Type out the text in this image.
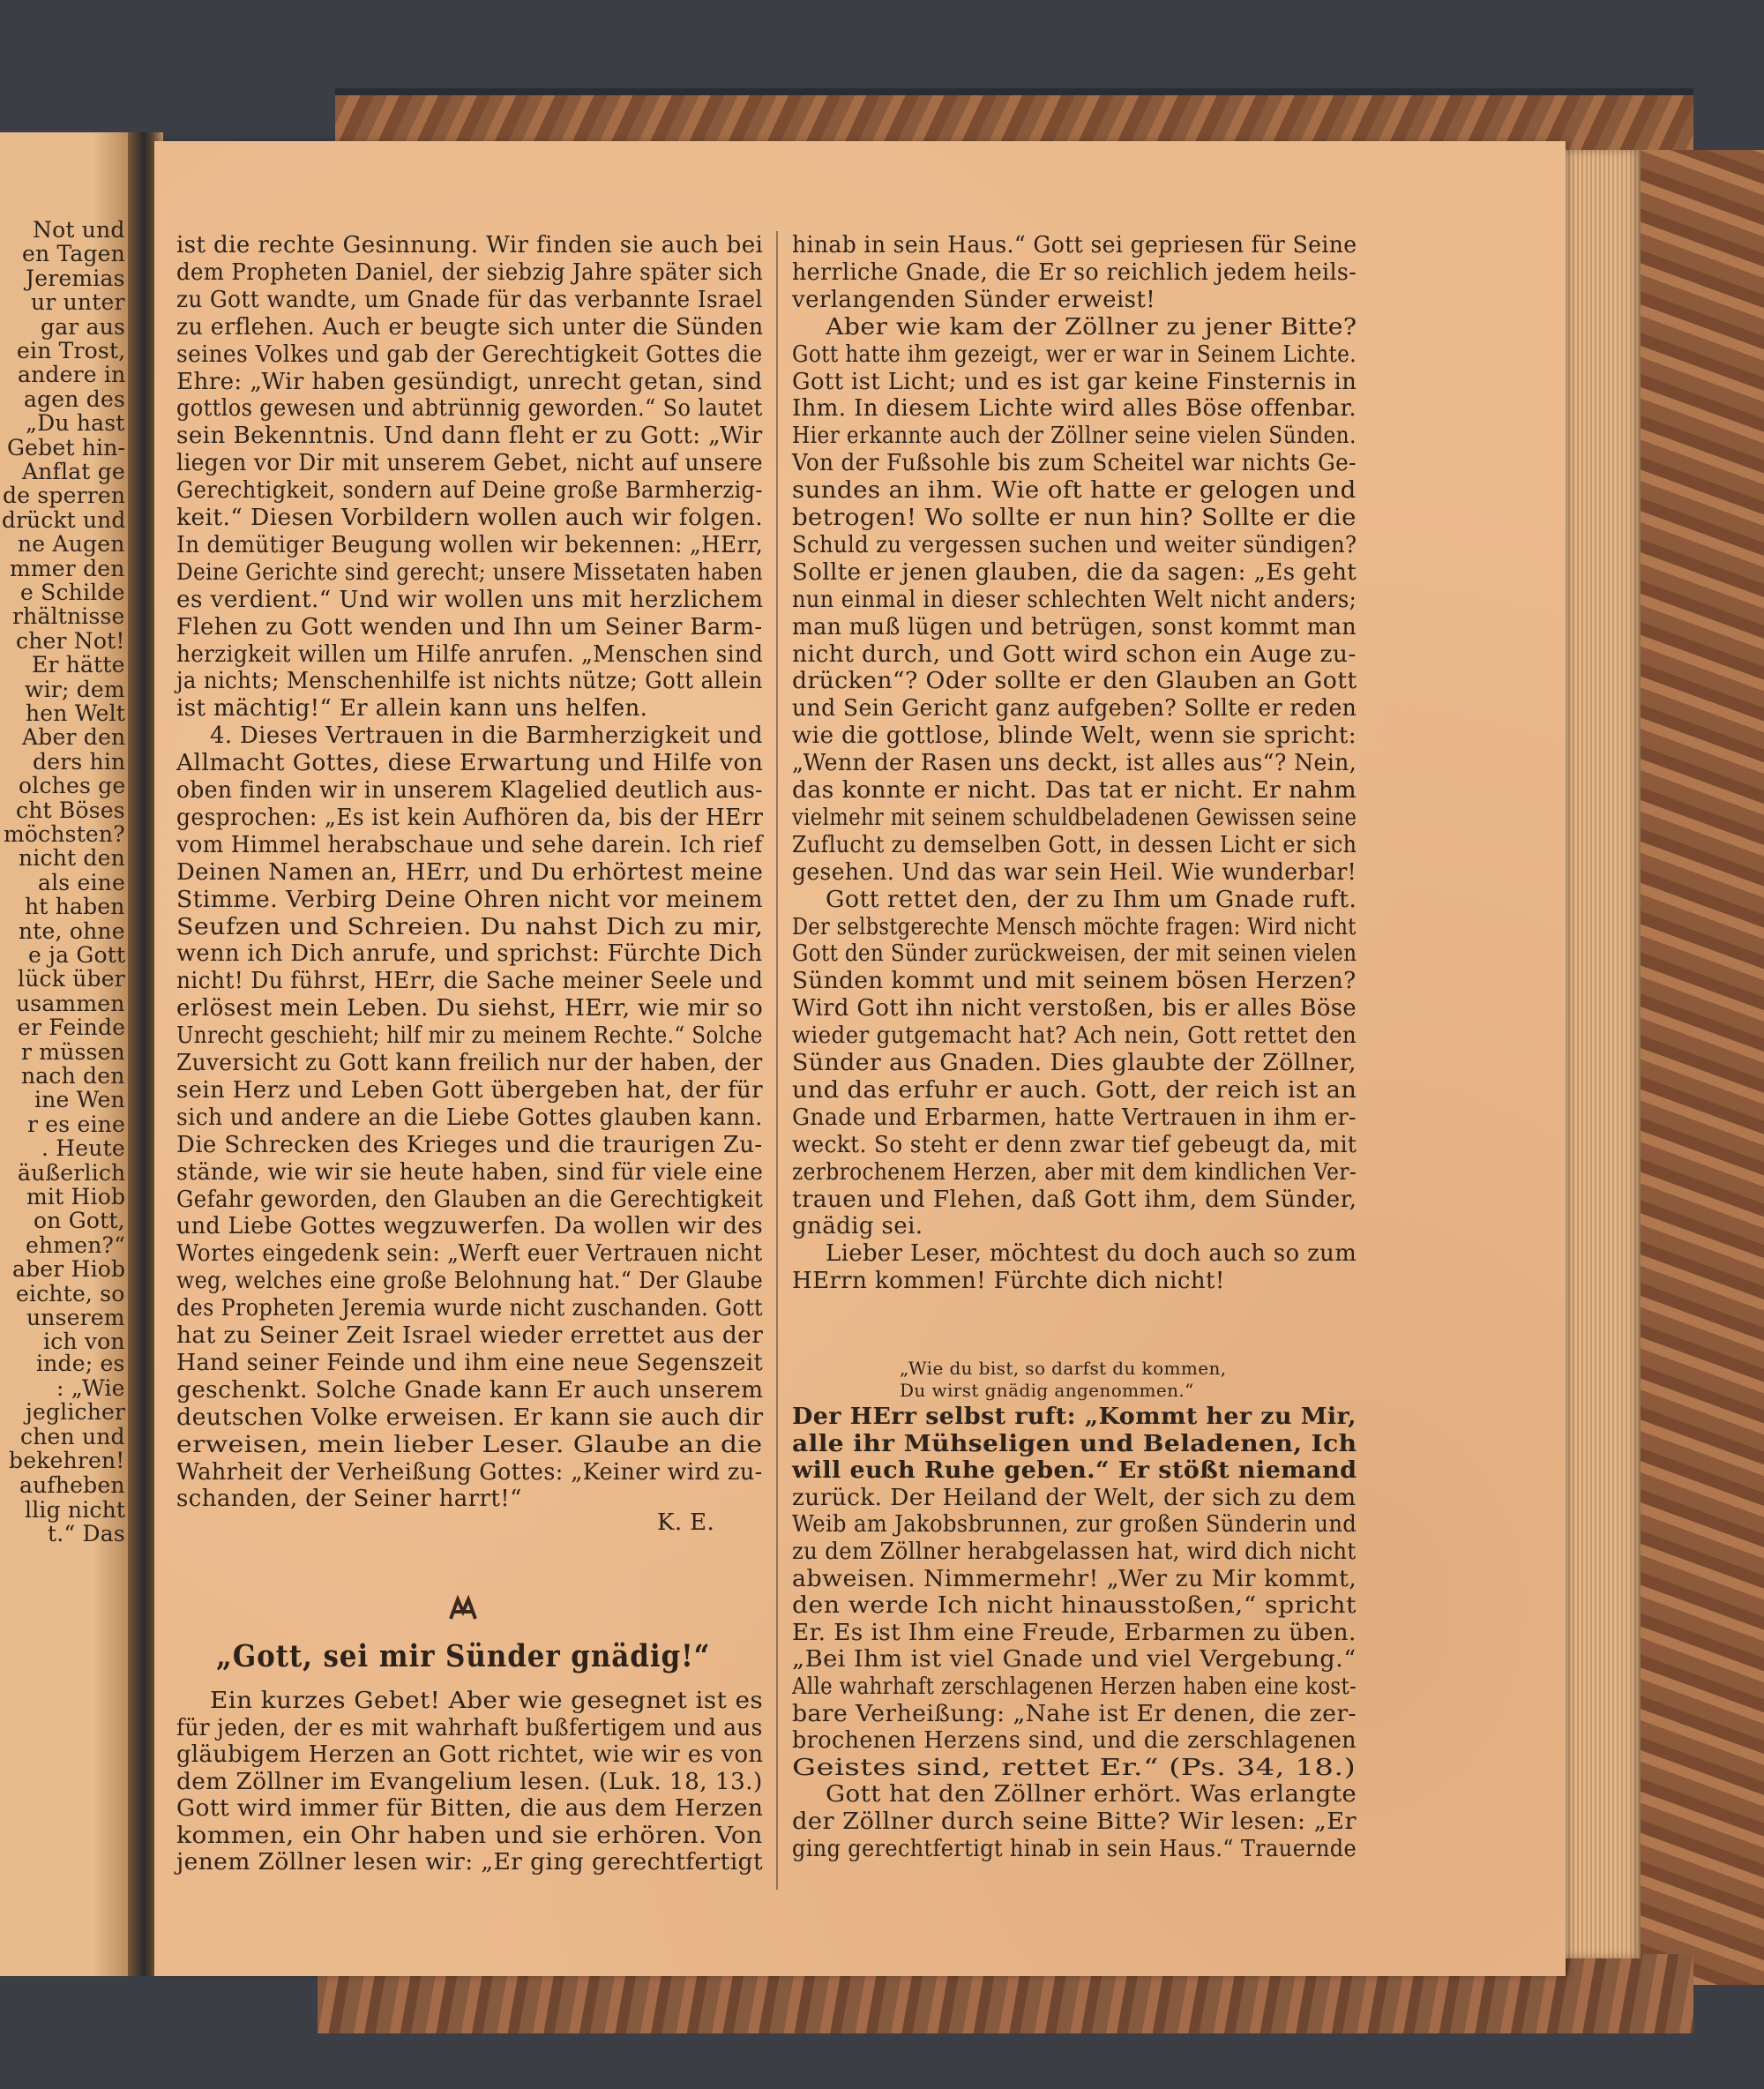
Not und
en Tagen
Jeremias
ur unter
gar aus
ein Trost,
andere in
agen des
„Du hast
Gebet hin-
Anflat ge
de sperren
drückt und
ne Augen
mmer den
e Schilde
rhältnisse
cher Not!
Er hätte
wir; dem
hen Welt
Aber den
ders hin
olches ge
cht Böses
möchsten?
nicht den
als eine
ht haben
nte, ohne
e ja Gott
lück über
usammen
er Feinde
r müssen
nach den
ine Wen
r es eine
. Heute
äußerlich
mit Hiob
on Gott,
ehmen?“
aber Hiob
eichte, so
unserem
ich von
inde; es
: „Wie
jeglicher
chen und
bekehren!
aufheben
llig nicht
t.“ Das
ist die rechte Gesinnung. Wir finden sie auch bei
dem Propheten Daniel, der siebzig Jahre später sich
zu Gott wandte, um Gnade für das verbannte Israel
zu erflehen. Auch er beugte sich unter die Sünden
seines Volkes und gab der Gerechtigkeit Gottes die
Ehre: „Wir haben gesündigt, unrecht getan, sind
gottlos gewesen und abtrünnig geworden.“ So lautet
sein Bekenntnis. Und dann fleht er zu Gott: „Wir
liegen vor Dir mit unserem Gebet, nicht auf unsere
Gerechtigkeit, sondern auf Deine große Barmherzig-
keit.“ Diesen Vorbildern wollen auch wir folgen.
In demütiger Beugung wollen wir bekennen: „HErr,
Deine Gerichte sind gerecht; unsere Missetaten haben
es verdient.“ Und wir wollen uns mit herzlichem
Flehen zu Gott wenden und Ihn um Seiner Barm-
herzigkeit willen um Hilfe anrufen. „Menschen sind
ja nichts; Menschenhilfe ist nichts nütze; Gott allein
ist mächtig!“ Er allein kann uns helfen.
4. Dieses Vertrauen in die Barmherzigkeit und
Allmacht Gottes, diese Erwartung und Hilfe von
oben finden wir in unserem Klagelied deutlich aus-
gesprochen: „Es ist kein Aufhören da, bis der HErr
vom Himmel herabschaue und sehe darein. Ich rief
Deinen Namen an, HErr, und Du erhörtest meine
Stimme. Verbirg Deine Ohren nicht vor meinem
Seufzen und Schreien. Du nahst Dich zu mir,
wenn ich Dich anrufe, und sprichst: Fürchte Dich
nicht! Du führst, HErr, die Sache meiner Seele und
erlösest mein Leben. Du siehst, HErr, wie mir so
Unrecht geschieht; hilf mir zu meinem Rechte.“ Solche
Zuversicht zu Gott kann freilich nur der haben, der
sein Herz und Leben Gott übergeben hat, der für
sich und andere an die Liebe Gottes glauben kann.
Die Schrecken des Krieges und die traurigen Zu-
stände, wie wir sie heute haben, sind für viele eine
Gefahr geworden, den Glauben an die Gerechtigkeit
und Liebe Gottes wegzuwerfen. Da wollen wir des
Wortes eingedenk sein: „Werft euer Vertrauen nicht
weg, welches eine große Belohnung hat.“ Der Glaube
des Propheten Jeremia wurde nicht zuschanden. Gott
hat zu Seiner Zeit Israel wieder errettet aus der
Hand seiner Feinde und ihm eine neue Segenszeit
geschenkt. Solche Gnade kann Er auch unserem
deutschen Volke erweisen. Er kann sie auch dir
erweisen, mein lieber Leser. Glaube an die
Wahrheit der Verheißung Gottes: „Keiner wird zu-
schanden, der Seiner harrt!“
K. E.
„Gott, sei mir Sünder gnädig!“
Ein kurzes Gebet! Aber wie gesegnet ist es
für jeden, der es mit wahrhaft bußfertigem und aus
gläubigem Herzen an Gott richtet, wie wir es von
dem Zöllner im Evangelium lesen. (Luk. 18, 13.)
Gott wird immer für Bitten, die aus dem Herzen
kommen, ein Ohr haben und sie erhören. Von
jenem Zöllner lesen wir: „Er ging gerechtfertigt
hinab in sein Haus.“ Gott sei gepriesen für Seine
herrliche Gnade, die Er so reichlich jedem heils-
verlangenden Sünder erweist!
Aber wie kam der Zöllner zu jener Bitte?
Gott hatte ihm gezeigt, wer er war in Seinem Lichte.
Gott ist Licht; und es ist gar keine Finsternis in
Ihm. In diesem Lichte wird alles Böse offenbar.
Hier erkannte auch der Zöllner seine vielen Sünden.
Von der Fußsohle bis zum Scheitel war nichts Ge-
sundes an ihm. Wie oft hatte er gelogen und
betrogen! Wo sollte er nun hin? Sollte er die
Schuld zu vergessen suchen und weiter sündigen?
Sollte er jenen glauben, die da sagen: „Es geht
nun einmal in dieser schlechten Welt nicht anders;
man muß lügen und betrügen, sonst kommt man
nicht durch, und Gott wird schon ein Auge zu-
drücken“? Oder sollte er den Glauben an Gott
und Sein Gericht ganz aufgeben? Sollte er reden
wie die gottlose, blinde Welt, wenn sie spricht:
„Wenn der Rasen uns deckt, ist alles aus“? Nein,
das konnte er nicht. Das tat er nicht. Er nahm
vielmehr mit seinem schuldbeladenen Gewissen seine
Zuflucht zu demselben Gott, in dessen Licht er sich
gesehen. Und das war sein Heil. Wie wunderbar!
Gott rettet den, der zu Ihm um Gnade ruft.
Der selbstgerechte Mensch möchte fragen: Wird nicht
Gott den Sünder zurückweisen, der mit seinen vielen
Sünden kommt und mit seinem bösen Herzen?
Wird Gott ihn nicht verstoßen, bis er alles Böse
wieder gutgemacht hat? Ach nein, Gott rettet den
Sünder aus Gnaden. Dies glaubte der Zöllner,
und das erfuhr er auch. Gott, der reich ist an
Gnade und Erbarmen, hatte Vertrauen in ihm er-
weckt. So steht er denn zwar tief gebeugt da, mit
zerbrochenem Herzen, aber mit dem kindlichen Ver-
trauen und Flehen, daß Gott ihm, dem Sünder,
gnädig sei.
Lieber Leser, möchtest du doch auch so zum
HErrn kommen! Fürchte dich nicht!
„Wie du bist, so darfst du kommen,
Du wirst gnädig angenommen.“
Der HErr selbst ruft: „Kommt her zu Mir,
alle ihr Mühseligen und Beladenen, Ich
will euch Ruhe geben.“ Er stößt niemand
zurück. Der Heiland der Welt, der sich zu dem
Weib am Jakobsbrunnen, zur großen Sünderin und
zu dem Zöllner herabgelassen hat, wird dich nicht
abweisen. Nimmermehr! „Wer zu Mir kommt,
den werde Ich nicht hinausstoßen,“ spricht
Er. Es ist Ihm eine Freude, Erbarmen zu üben.
„Bei Ihm ist viel Gnade und viel Vergebung.“
Alle wahrhaft zerschlagenen Herzen haben eine kost-
bare Verheißung: „Nahe ist Er denen, die zer-
brochenen Herzens sind, und die zerschlagenen
Geistes sind, rettet Er.“ (Ps. 34, 18.)
Gott hat den Zöllner erhört. Was erlangte
der Zöllner durch seine Bitte? Wir lesen: „Er
ging gerechtfertigt hinab in sein Haus.“ Trauernde
